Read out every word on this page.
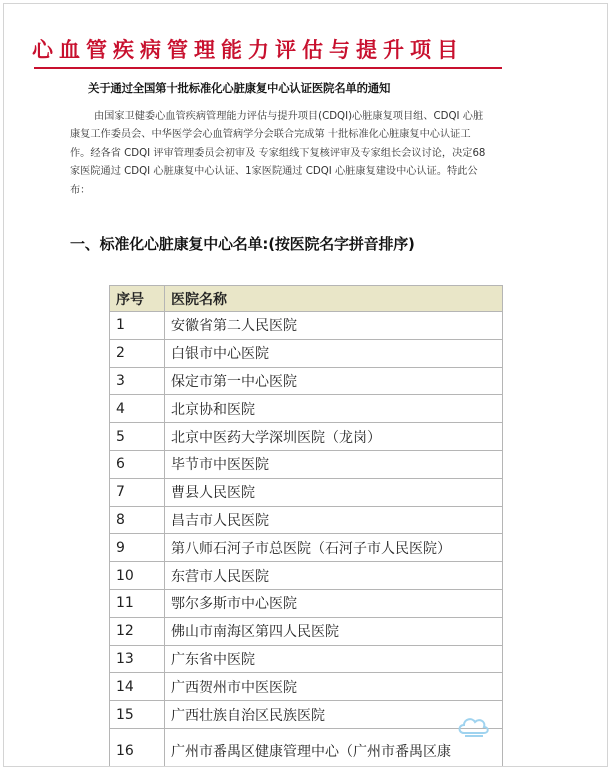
心血管疾病管理能力评估与提升项目
关于通过全国第十批标准化心脏康复中心认证医院名单的通知

由国家卫健委心血管疾病管理能力评估与提升项目(CDQI)心脏康复项目组、CDQI 心脏康复工作委员会、中华医学会心血管病学分会联合完成第 十批标准化心脏康复中心认证工作。经各省 CDQI 评审管理委员会初审及 专家组线下复核评审及专家组长会议讨论，决定68家医院通过 CDQI 心脏康复中心认证、1家医院通过 CDQI 心脏康复建设中心认证。特此公布：

一、标准化心脏康复中心名单:(按医院名字拼音排序)
序号	医院名称
1	安徽省第二人民医院
2	白银市中心医院
3	保定市第一中心医院
4	北京协和医院
5	北京中医药大学深圳医院（龙岗）
6	毕节市中医医院
7	曹县人民医院
8	昌吉市人民医院
9	第八师石河子市总医院（石河子市人民医院）
10	东营市人民医院
11	鄂尔多斯市中心医院
12	佛山市南海区第四人民医院
13	广东省中医院
14	广西贺州市中医医院
15	广西壮族自治区民族医院
16	广州市番禺区健康管理中心（广州市番禺区康
